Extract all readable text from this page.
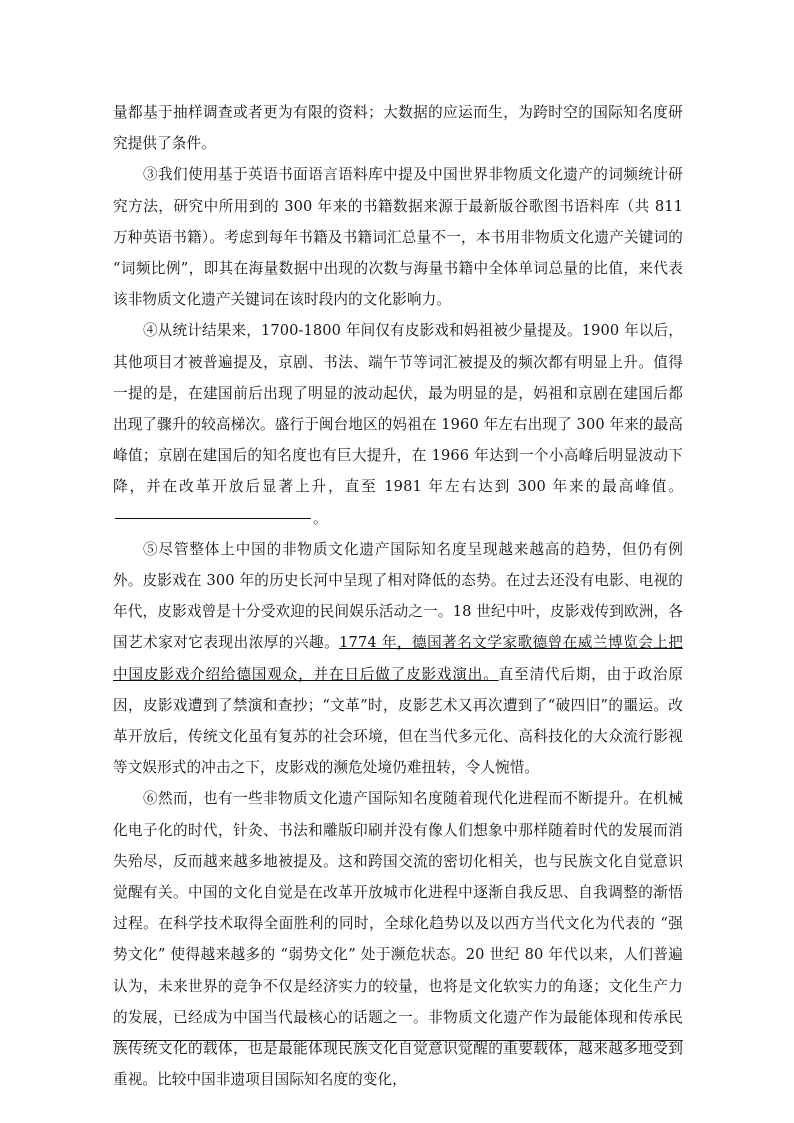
量都基于抽样调查或者更为有限的资料；大数据的应运而生，为跨时空的国际知名度研究提供了条件。

③我们使用基于英语书面语言语料库中提及中国世界非物质文化遗产的词频统计研究方法，研究中所用到的 300 年来的书籍数据来源于最新版谷歌图书语料库（共 811 万种英语书籍）。考虑到每年书籍及书籍词汇总量不一，本书用非物质文化遗产关键词的 “词频比例”，即其在海量数据中出现的次数与海量书籍中全体单词总量的比值，来代表该非物质文化遗产关键词在该时段内的文化影响力。

④从统计结果来，1700-1800 年间仅有皮影戏和妈祖被少量提及。1900 年以后，其他项目才被普遍提及，京剧、书法、端午节等词汇被提及的频次都有明显上升。值得一提的是，在建国前后出现了明显的波动起伏，最为明显的是，妈祖和京剧在建国后都出现了骤升的较高梯次。盛行于闽台地区的妈祖在 1960 年左右出现了 300 年来的最高峰值；京剧在建国后的知名度也有巨大提升，在 1966 年达到一个小高峰后明显波动下降，并在改革开放后显著上升，直至 1981 年左右达到 300 年来的最高峰值。。

⑤尽管整体上中国的非物质文化遗产国际知名度呈现越来越高的趋势，但仍有例外。皮影戏在 300 年的历史长河中呈现了相对降低的态势。在过去还没有电影、电视的年代，皮影戏曾是十分受欢迎的民间娱乐活动之一。18 世纪中叶，皮影戏传到欧洲，各国艺术家对它表现出浓厚的兴趣。1774 年，德国著名文学家歌德曾在威兰博览会上把中国皮影戏介绍给德国观众，并在日后做了皮影戏演出。直至清代后期，由于政治原因，皮影戏遭到了禁演和查抄；“文革”时，皮影艺术又再次遭到了“破四旧”的噩运。改革开放后，传统文化虽有复苏的社会环境，但在当代多元化、高科技化的大众流行影视等文娱形式的冲击之下，皮影戏的濒危处境仍难扭转，令人惋惜。

⑥然而，也有一些非物质文化遗产国际知名度随着现代化进程而不断提升。在机械化电子化的时代，针灸、书法和雕版印刷并没有像人们想象中那样随着时代的发展而消失殆尽，反而越来越多地被提及。这和跨国交流的密切化相关，也与民族文化自觉意识觉醒有关。中国的文化自觉是在改革开放城市化进程中逐渐自我反思、自我调整的渐悟过程。在科学技术取得全面胜利的同时，全球化趋势以及以西方当代文化为代表的 “强势文化” 使得越来越多的 “弱势文化” 处于濒危状态。20 世纪 80 年代以来，人们普遍认为，未来世界的竞争不仅是经济实力的较量，也将是文化软实力的角逐；文化生产力的发展，已经成为中国当代最核心的话题之一。非物质文化遗产作为最能体现和传承民族传统文化的载体，也是最能体现民族文化自觉意识觉醒的重要载体，越来越多地受到重视。比较中国非遗项目国际知名度的变化，
